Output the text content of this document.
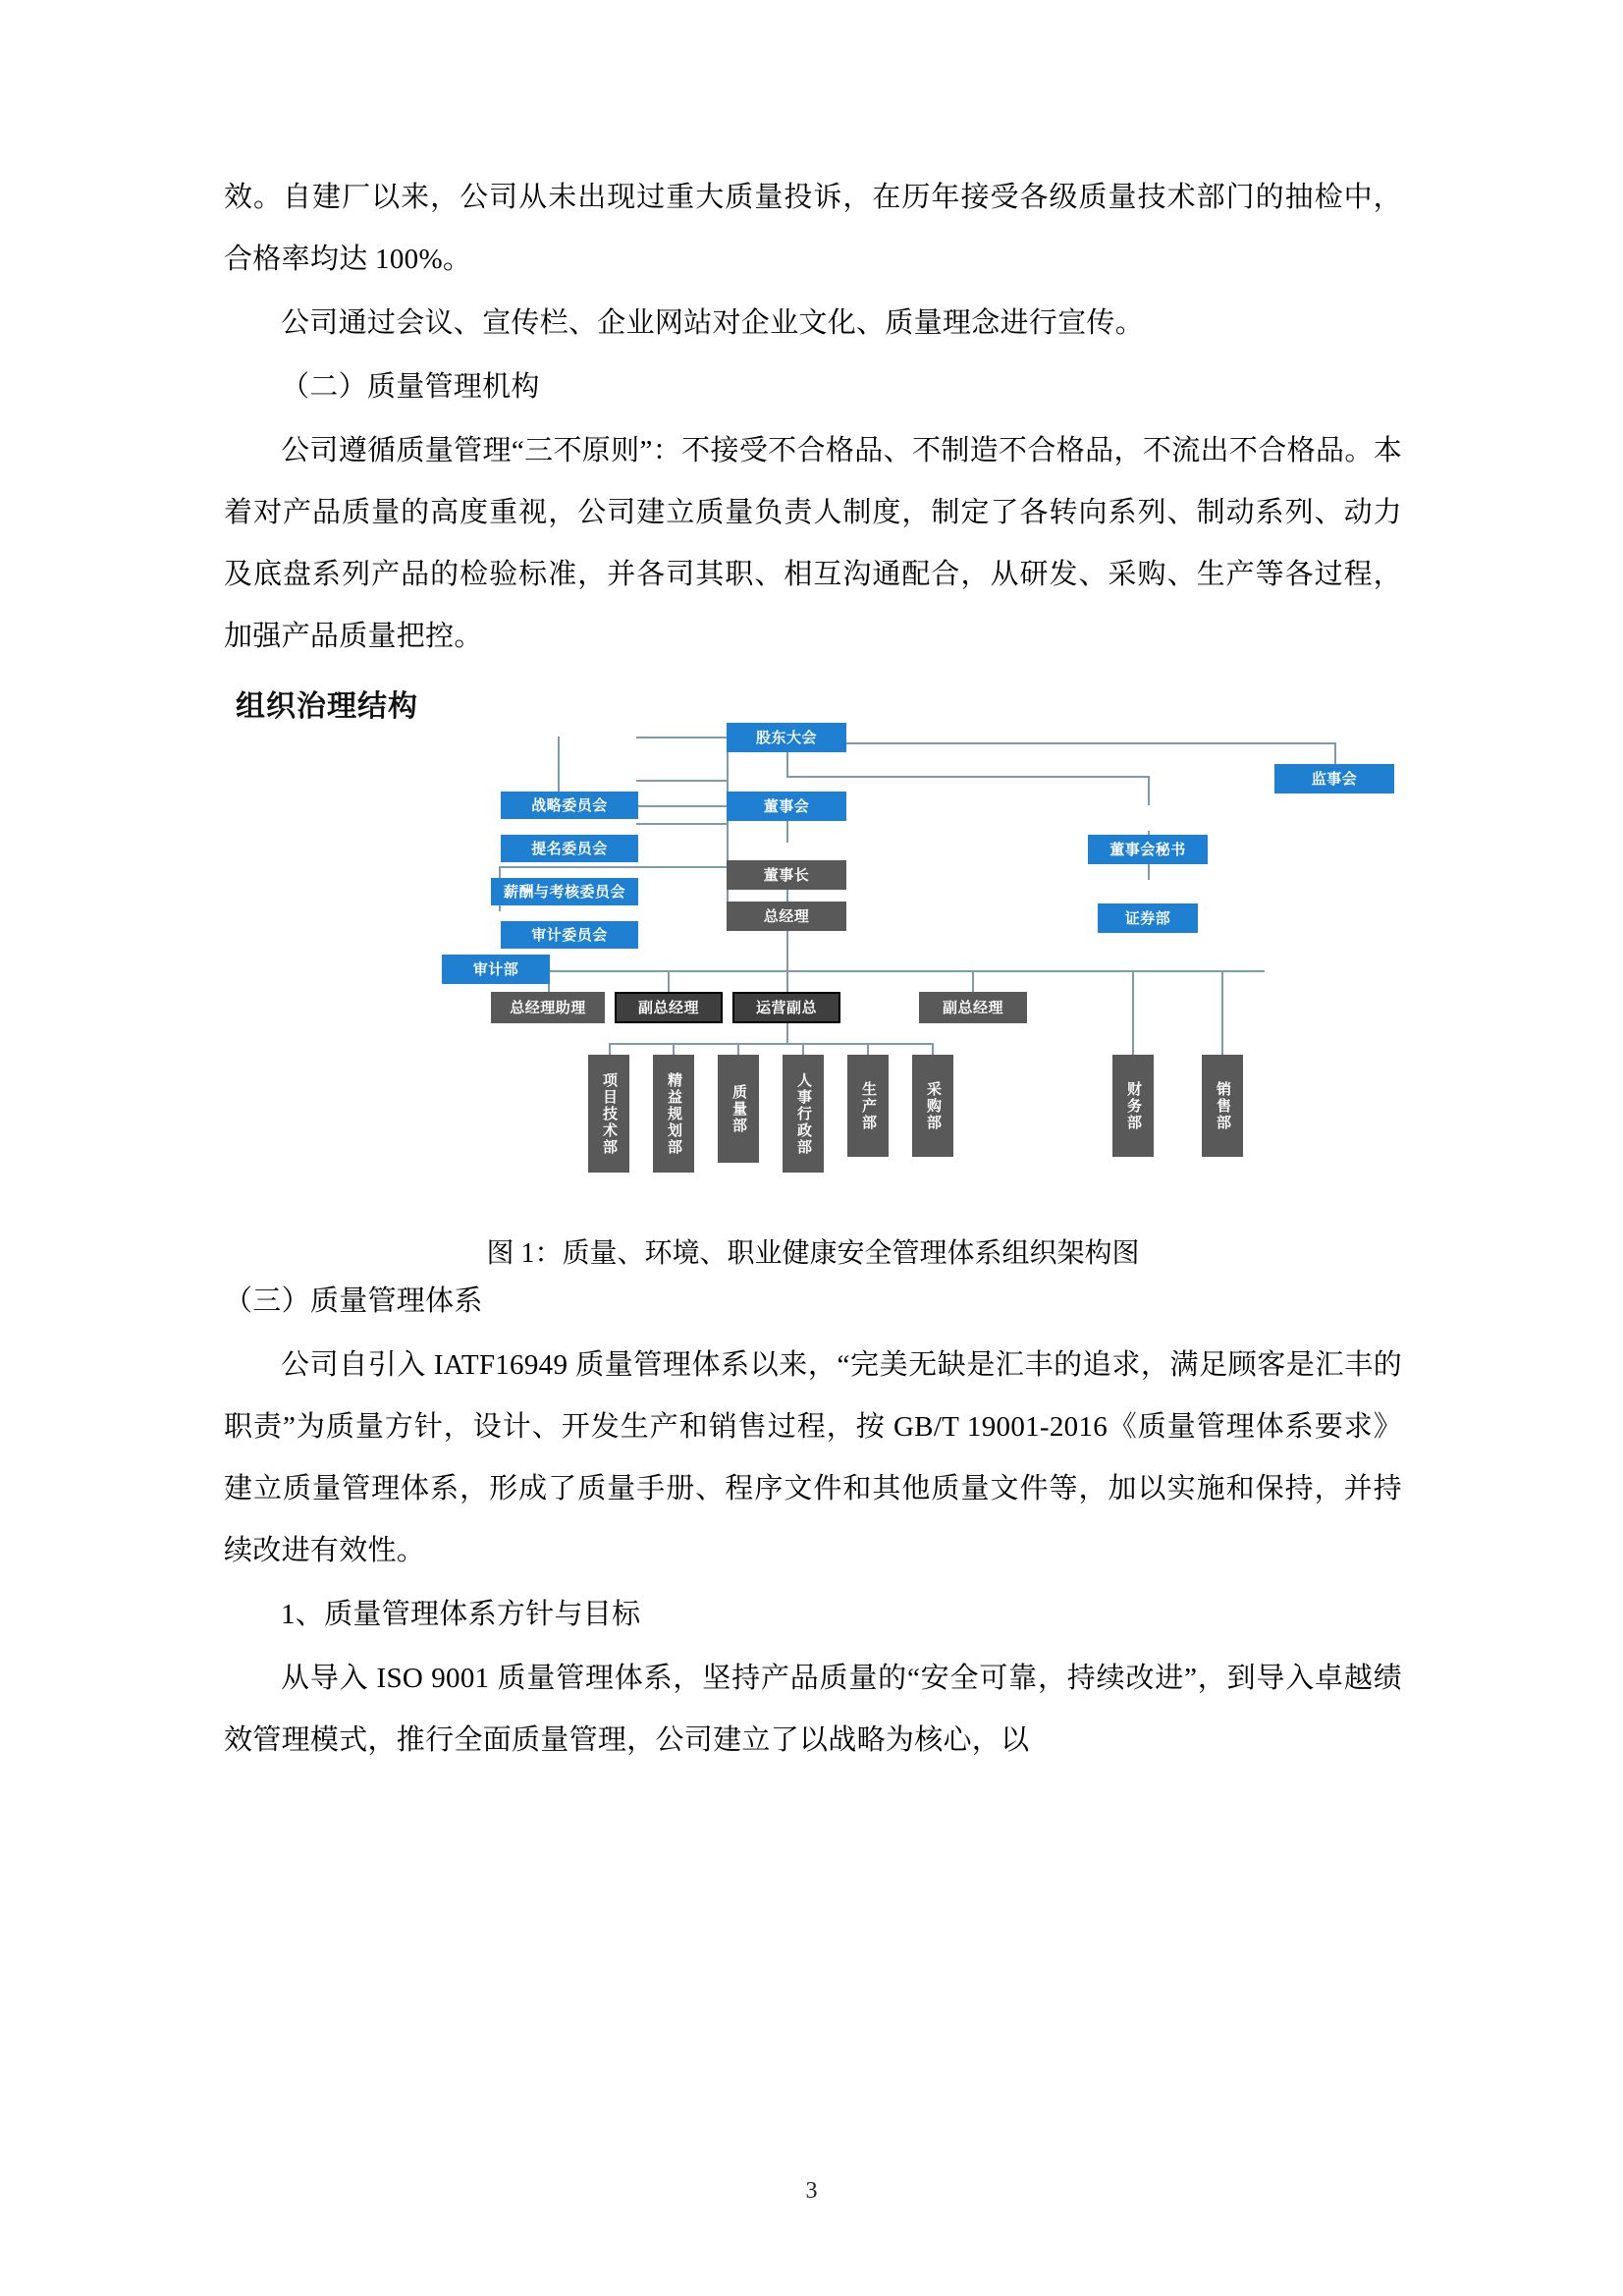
效。自建厂以来，公司从未出现过重大质量投诉，在历年接受各级质量技术部门的抽检中，合格率均达 100%。

公司通过会议、宣传栏、企业网站对企业文化、质量理念进行宣传。

（二）质量管理机构

公司遵循质量管理“三不原则”：不接受不合格品、不制造不合格品，不流出不合格品。本着对产品质量的高度重视，公司建立质量负责人制度，制定了各转向系列、制动系列、动力及底盘系列产品的检验标准，并各司其职、相互沟通配合，从研发、采购、生产等各过程，加强产品质量把控。

组织治理结构
股东大会
监事会
董事会
战略委员会
提名委员会
薪酬与考核委员会
审计委员会
董事会秘书
董事长
证券部
总经理
审计部
总经理助理	副总经理	运营副总	副总经理
项目技术部	精益规划部	质量部	人事行政部	生产部	采购部	财务部	销售部
图 1：质量、环境、职业健康安全管理体系组织架构图

（三）质量管理体系

公司自引入 IATF16949 质量管理体系以来，“完美无缺是汇丰的追求，满足顾客是汇丰的职责”为质量方针，设计、开发生产和销售过程，按 GB/T 19001-2016《质量管理体系要求》建立质量管理体系，形成了质量手册、程序文件和其他质量文件等，加以实施和保持，并持续改进有效性。

1、质量管理体系方针与目标

从导入 ISO 9001 质量管理体系，坚持产品质量的“安全可靠，持续改进”，到导入卓越绩效管理模式，推行全面质量管理，公司建立了以战略为核心，以

3
